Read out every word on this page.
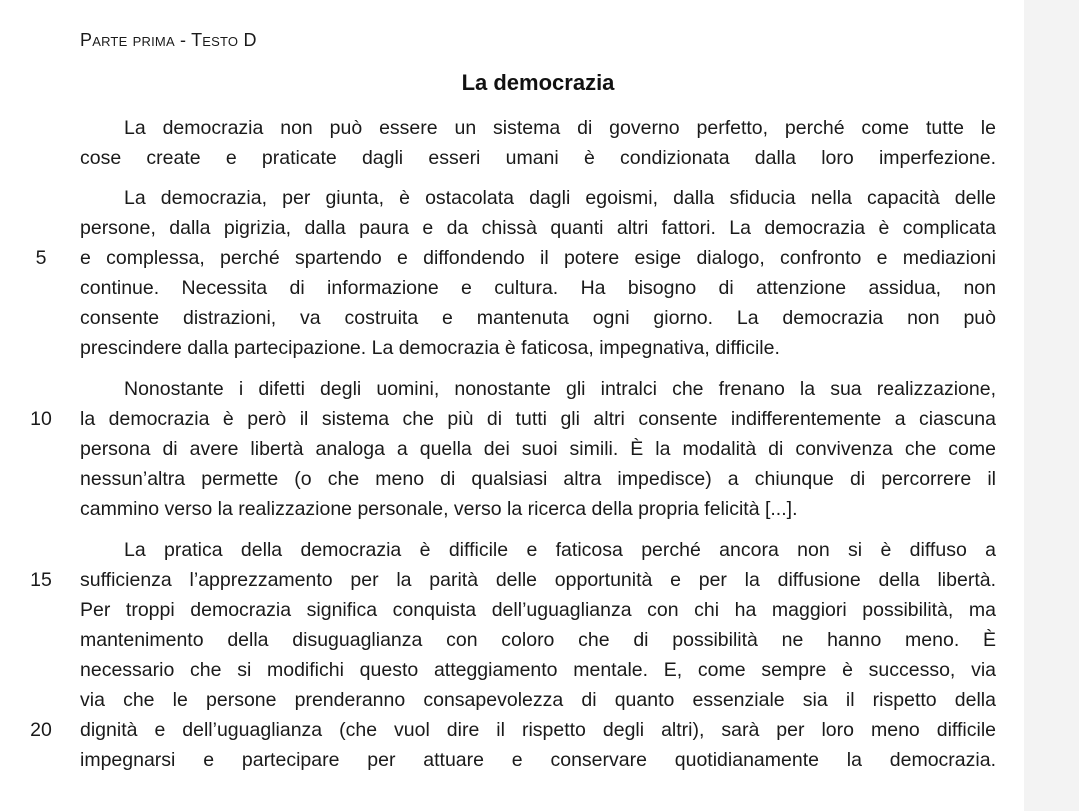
Parte prima - Testo D
La democrazia
La democrazia non può essere un sistema di governo perfetto, perché come tutte le
cose create e praticate dagli esseri umani è condizionata dalla loro imperfezione.
La democrazia, per giunta, è ostacolata dagli egoismi, dalla sfiducia nella capacità delle
persone, dalla pigrizia, dalla paura e da chissà quanti altri fattori. La democrazia è complicata
e complessa, perché spartendo e diffondendo il potere esige dialogo, confronto e mediazioni
continue. Necessita di informazione e cultura. Ha bisogno di attenzione assidua, non
consente distrazioni, va costruita e mantenuta ogni giorno. La democrazia non può
prescindere dalla partecipazione. La democrazia è faticosa, impegnativa, difficile.
Nonostante i difetti degli uomini, nonostante gli intralci che frenano la sua realizzazione,
la democrazia è però il sistema che più di tutti gli altri consente indifferentemente a ciascuna
persona di avere libertà analoga a quella dei suoi simili. È la modalità di convivenza che come
nessun’altra permette (o che meno di qualsiasi altra impedisce) a chiunque di percorrere il
cammino verso la realizzazione personale, verso la ricerca della propria felicità [...].
La pratica della democrazia è difficile e faticosa perché ancora non si è diffuso a
sufficienza l’apprezzamento per la parità delle opportunità e per la diffusione della libertà.
Per troppi democrazia significa conquista dell’uguaglianza con chi ha maggiori possibilità, ma
mantenimento della disuguaglianza con coloro che di possibilità ne hanno meno. È
necessario che si modifichi questo atteggiamento mentale. E, come sempre è successo, via
via che le persone prenderanno consapevolezza di quanto essenziale sia il rispetto della
dignità e dell’uguaglianza (che vuol dire il rispetto degli altri), sarà per loro meno difficile
impegnarsi e partecipare per attuare e conservare quotidianamente la democrazia.
5
10
15
20
